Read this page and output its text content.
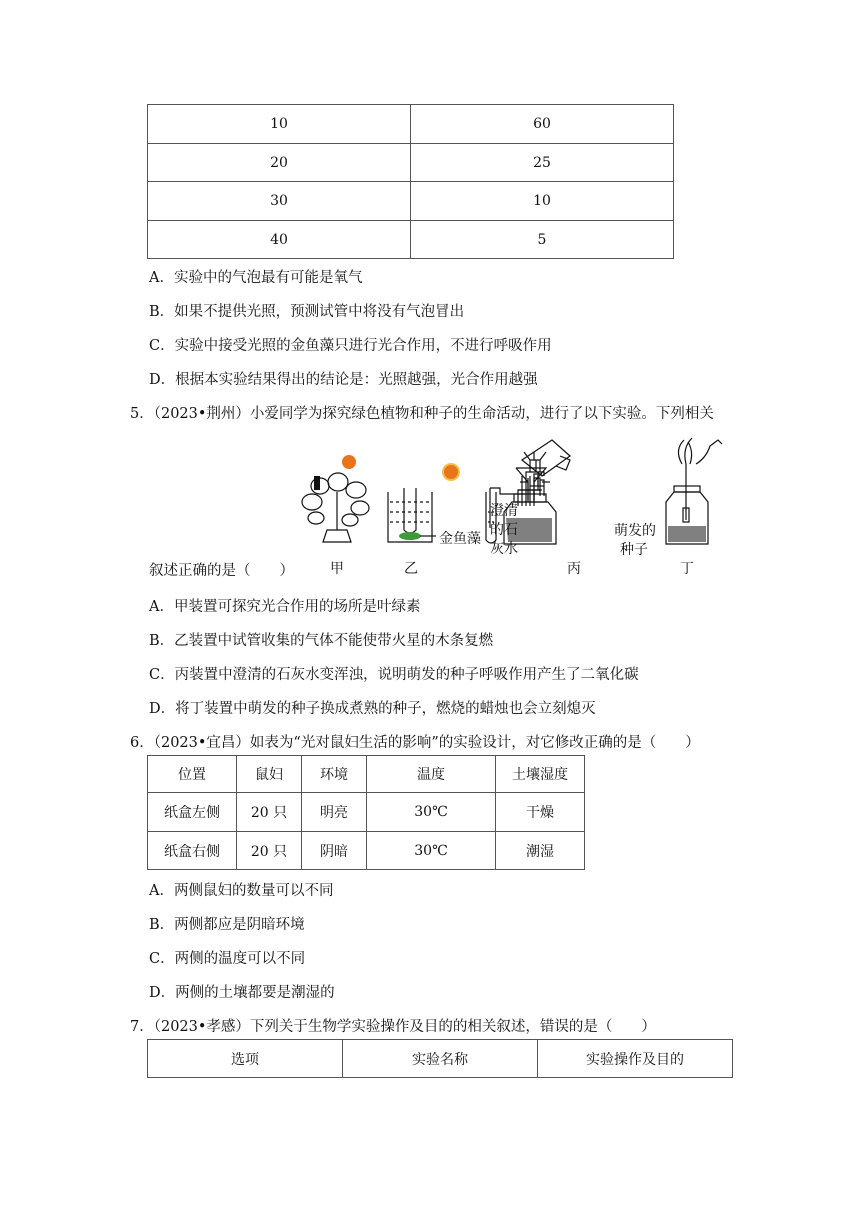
10	60
20	25
30	10
40	5
A．实验中的气泡最有可能是氧气
B．如果不提供光照，预测试管中将没有气泡冒出
C．实验中接受光照的金鱼藻只进行光合作用，不进行呼吸作用
D．根据本实验结果得出的结论是：光照越强，光合作用越强
5．（2023•荆州）小爱同学为探究绿色植物和种子的生命活动，进行了以下实验。下列相关
金鱼藻
澄清
的石
灰水
萌发的
种子
叙述正确的是（　　）	甲	乙	丙	丁
A．甲装置可探究光合作用的场所是叶绿素
B．乙装置中试管收集的气体不能使带火星的木条复燃
C．丙装置中澄清的石灰水变浑浊，说明萌发的种子呼吸作用产生了二氧化碳
D．将丁装置中萌发的种子换成煮熟的种子，燃烧的蜡烛也会立刻熄灭
6．（2023•宜昌）如表为“光对鼠妇生活的影响”的实验设计，对它修改正确的是（　　）
位置	鼠妇	环境	温度	土壤湿度
纸盒左侧	20 只	明亮	30℃	干燥
纸盒右侧	20 只	阴暗	30℃	潮湿
A．两侧鼠妇的数量可以不同
B．两侧都应是阴暗环境
C．两侧的温度可以不同
D．两侧的土壤都要是潮湿的
7．（2023•孝感）下列关于生物学实验操作及目的的相关叙述，错误的是（　　）
选项	实验名称	实验操作及目的
